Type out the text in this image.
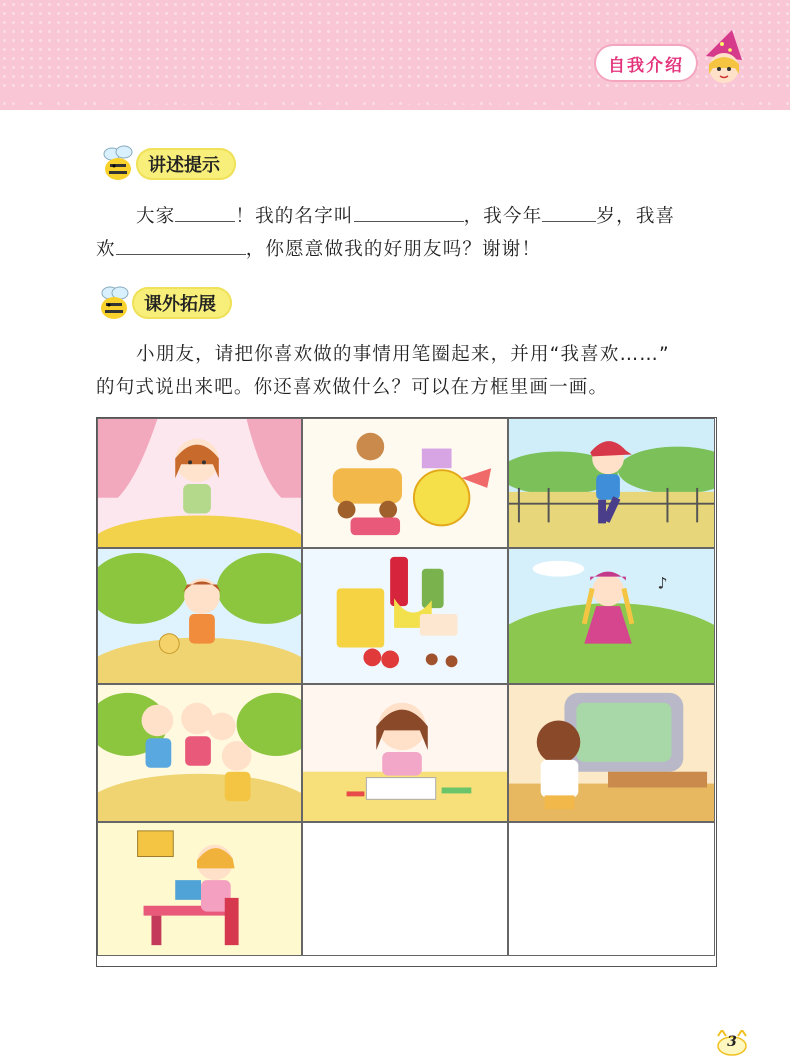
自我介绍
讲述提示
大家	！我的名字叫	，我今年	岁，我喜
欢	，你愿意做我的好朋友吗？谢谢！
课外拓展
小朋友，请把你喜欢做的事情用笔圈起来，并用“我喜欢……”
的句式说出来吧。你还喜欢做什么？可以在方框里画一画。
♪
3
